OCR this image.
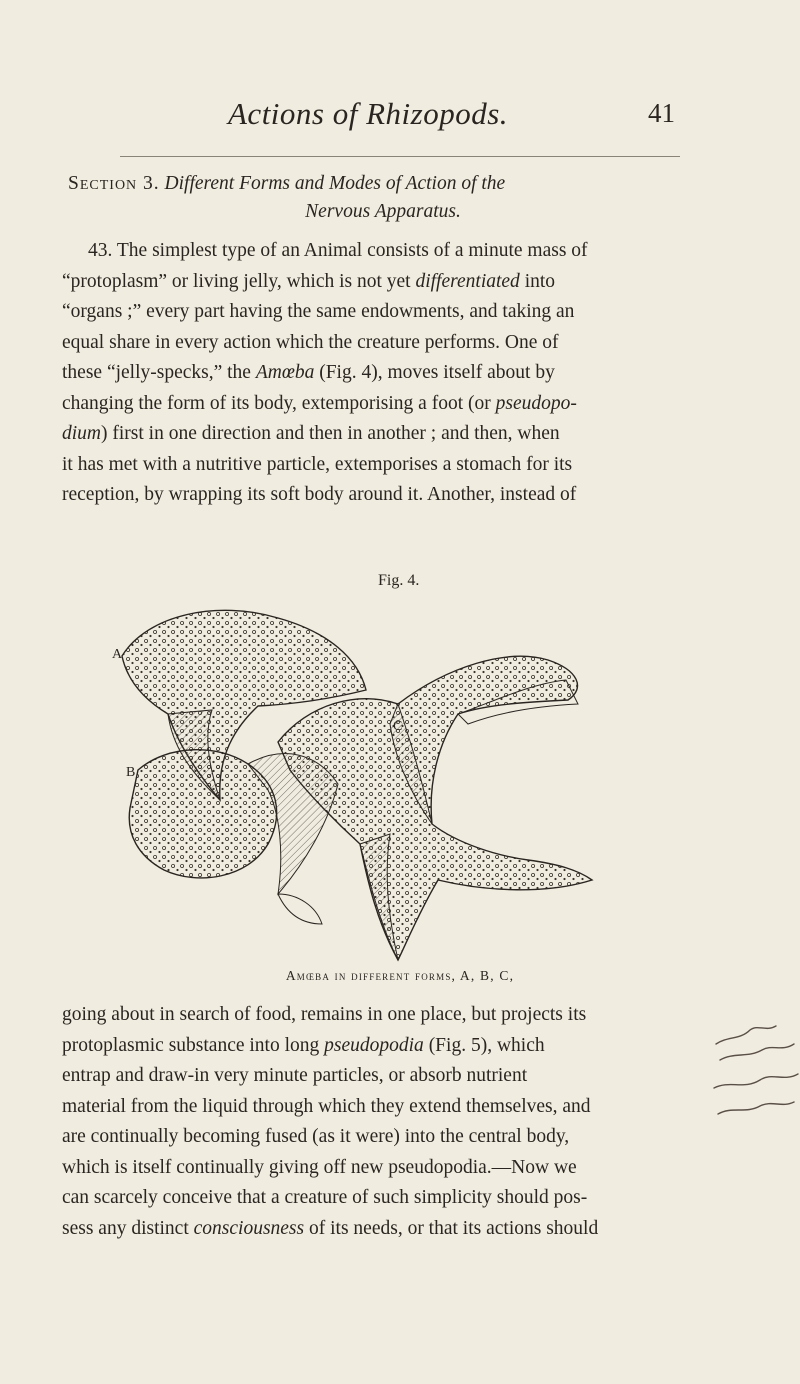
Actions of Rhizopods.	41
Section 3. Different Forms and Modes of Action of the
Nervous Apparatus.
43. The simplest type of an Animal consists of a minute mass of
“protoplasm” or living jelly, which is not yet differentiated into
“organs ;” every part having the same endowments, and taking an
equal share in every action which the creature performs. One of
these “jelly-specks,” the Amœba (Fig. 4), moves itself about by
changing the form of its body, extemporising a foot (or pseudopo-
dium) first in one direction and then in another ; and then, when
it has met with a nutritive particle, extemporises a stomach for its
reception, by wrapping its soft body around it. Another, instead of
Fig. 4.
A
B
C
Amœba in different forms, A, B, C,
going about in search of food, remains in one place, but projects its
protoplasmic substance into long pseudopodia (Fig. 5), which
entrap and draw-in very minute particles, or absorb nutrient
material from the liquid through which they extend themselves, and
are continually becoming fused (as it were) into the central body,
which is itself continually giving off new pseudopodia.—Now we
can scarcely conceive that a creature of such simplicity should pos-
sess any distinct consciousness of its needs, or that its actions should
